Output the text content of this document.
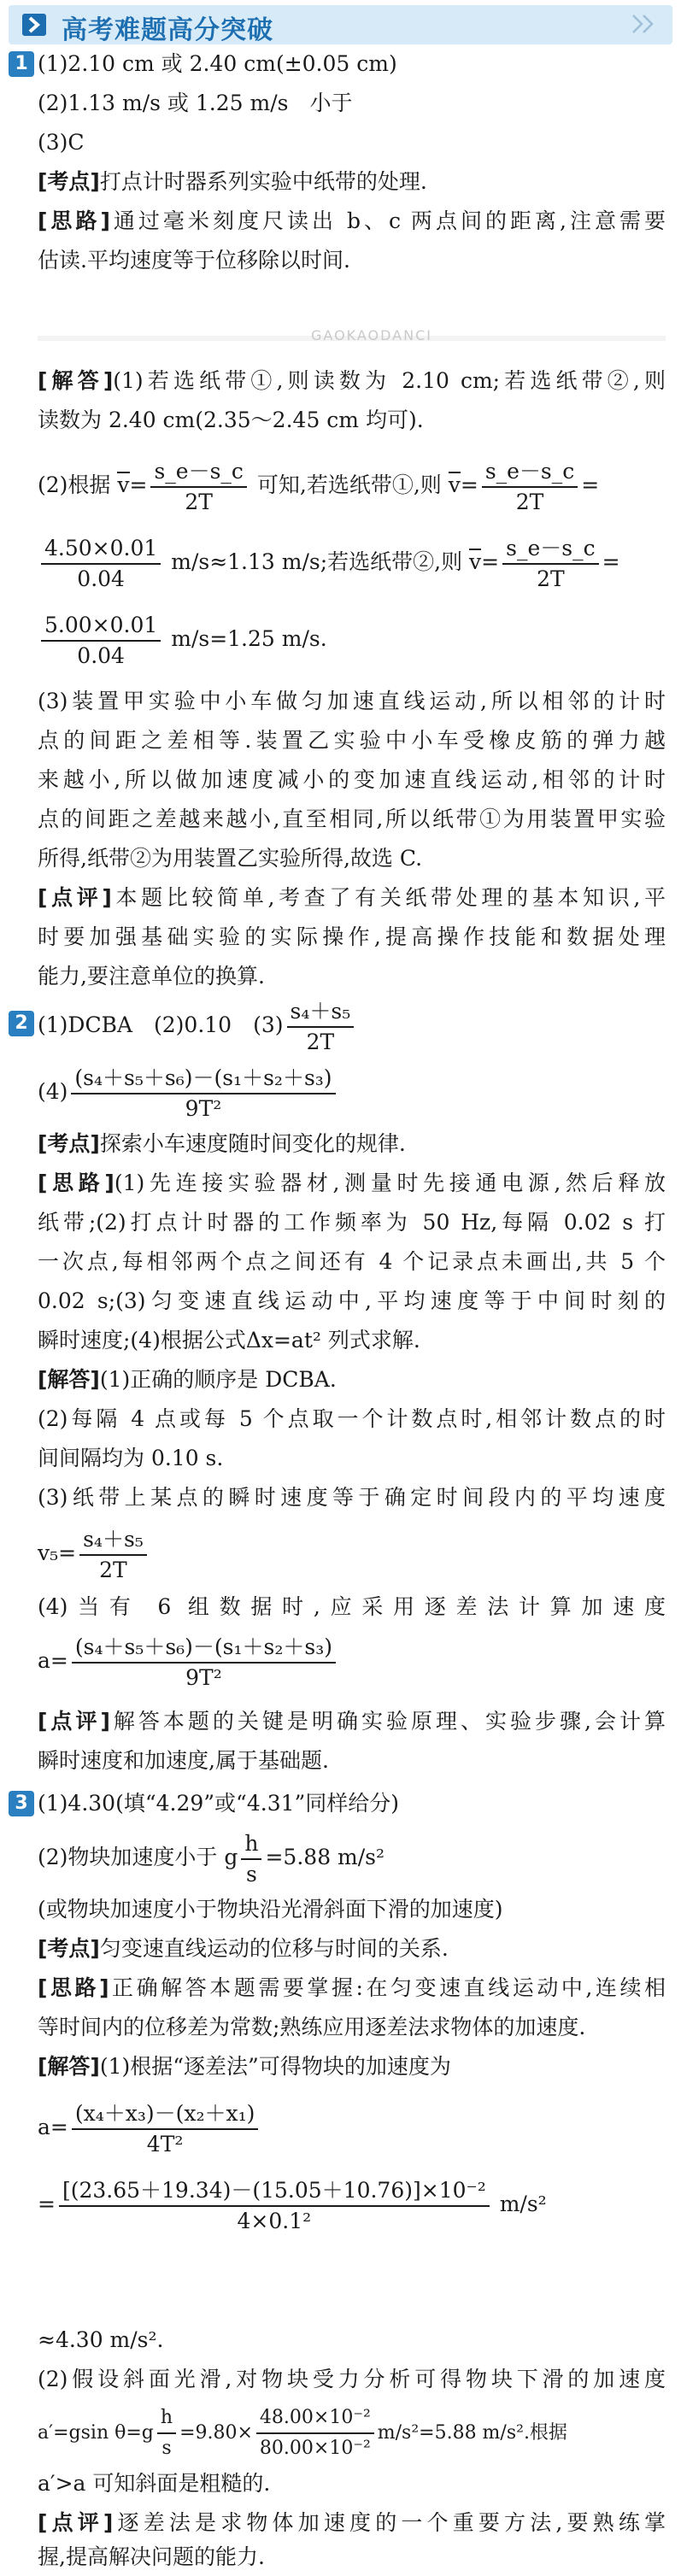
高考难题高分突破
1 (1)2.10 cm 或 2.40 cm(±0.05 cm)
(2)1.13 m/s 或 1.25 m/s　小于
(3)C
[考点]打点计时器系列实验中纸带的处理.
[思路]通过毫米刻度尺读出 b、c 两点间的距离,注意需要
估读.平均速度等于位移除以时间.
GAOKAODANCI
[解答](1)若选纸带①,则读数为 2.10 cm;若选纸带②,则
读数为 2.40 cm(2.35～2.45 cm 均可).
(2)根据 $v= \frac{s\_e-s\_c}{2T}$ 可知,若选纸带①,则 $v= \frac{s\_e-s\_c}{2T}$ =
$\frac{4.50\times 0.01}{0.04} m/s\approx 1.13$ m/s;若选纸带②,则 $v= \frac{s\_e-s\_c}{2T}$ =
$\frac{5.00\times 0.01}{0.04} m/s=1.25$ m/s.
(3)装置甲实验中小车做匀加速直线运动,所以相邻的计时
点的间距之差相等.装置乙实验中小车受橡皮筋的弹力越
来越小,所以做加速度减小的变加速直线运动,相邻的计时
点的间距之差越来越小,直至相同,所以纸带①为用装置甲实验
所得,纸带②为用装置乙实验所得,故选 C.
[点评]本题比较简单,考查了有关纸带处理的基本知识,平
时要加强基础实验的实际操作,提高操作技能和数据处理
能力,要注意单位的换算.
2 (1)DCBA　(2)0.10　$(3) \frac{\text{s₄＋s₅}}{2T}$
$(4) \frac{\text{(s₄＋s₅＋s₆)－(s₁＋s₂＋s₃)}}{\text{9T²}}$
[考点]探索小车速度随时间变化的规律.
[思路](1)先连接实验器材,测量时先接通电源,然后释放
纸带;(2)打点计时器的工作频率为 50 Hz,每隔 0.02 s 打
一次点,每相邻两个点之间还有 4 个记录点未画出,共 5 个
0.02 s;(3)匀变速直线运动中,平均速度等于中间时刻的
瞬时速度;(4)根据公式Δx=at² 列式求解.
[解答](1)正确的顺序是 DCBA.
(2)每隔 4 点或每 5 个点取一个计数点时,相邻计数点的时
间间隔均为 0.10 s.
(3)纸带上某点的瞬时速度等于确定时间段内的平均速度
$v_5= \frac{\text{s₄＋s₅}}{2T}$
(4)当有 6 组数据时,应采用逐差法计算加速度
$a= \frac{\text{(s₄＋s₅＋s₆)－(s₁＋s₂＋s₃)}}{\text{9T²}}$
[点评]解答本题的关键是明确实验原理、实验步骤,会计算
瞬时速度和加速度,属于基础题.
3 (1)4.30(填“4.29”或“4.31”同样给分)
(2)物块加速度小于 g $\frac{h}{s} =5.88$ m/s²
(或物块加速度小于物块沿光滑斜面下滑的加速度)
[考点]匀变速直线运动的位移与时间的关系.
[思路]正确解答本题需要掌握:在匀变速直线运动中,连续相
等时间内的位移差为常数;熟练应用逐差法求物体的加速度.
[解答](1)根据“逐差法”可得物块的加速度为
$a= \frac{\text{(x₄＋x₃)－(x₂＋x₁)}}{\text{4T²}}$
= $\frac{\text{[(23.65＋19.34)－(15.05＋10.76)]×10⁻²}}{\text{4×0.1²}} m/s^2$
≈4.30 m/s².
(2)假设斜面光滑,对物块受力分析可得物块下滑的加速度
a′=gsin $\theta=g \frac{h}{s} =9.80\times \frac{\text{48.00×10⁻²}}{\text{80.00×10⁻²}} m/s^2=5.88$ m/s².根据
a′>a 可知斜面是粗糙的.
[点评]逐差法是求物体加速度的一个重要方法,要熟练掌
握,提高解决问题的能力.
